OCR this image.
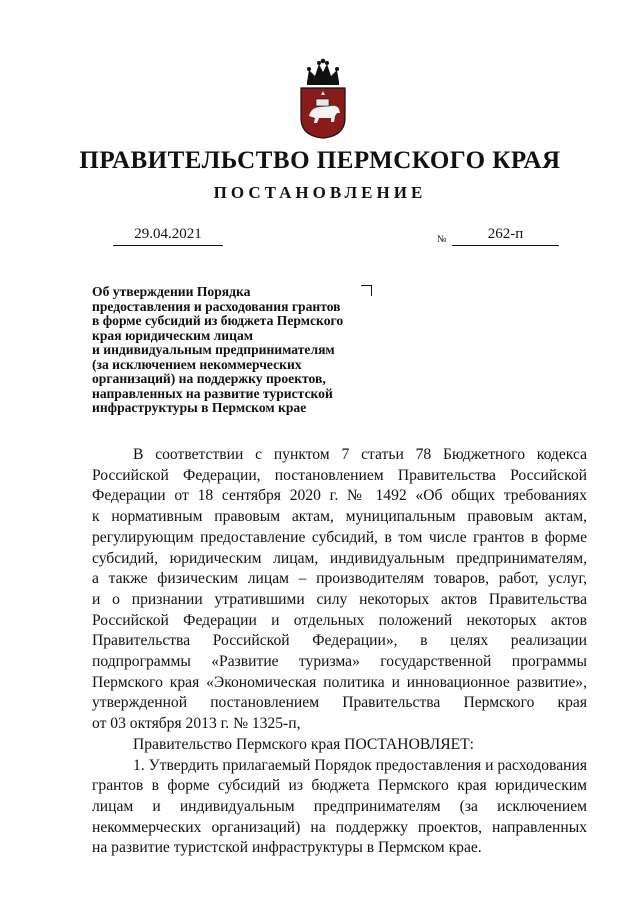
ПРАВИТЕЛЬСТВО ПЕРМСКОГО КРАЯ
ПОСТАНОВЛЕНИЕ
29.04.2021	№	262-п
Об утверждении Порядка
предоставления и расходования грантов
в форме субсидий из бюджета Пермского
края юридическим лицам
и индивидуальным предпринимателям
(за исключением некоммерческих
организаций) на поддержку проектов,
направленных на развитие туристской
инфраструктуры в Пермском крае
В соответствии с пунктом 7 статьи 78 Бюджетного кодекса
Российской Федерации, постановлением Правительства Российской
Федерации от 18 сентября 2020 г. № 1492 «Об общих требованиях
к нормативным правовым актам, муниципальным правовым актам,
регулирующим предоставление субсидий, в том числе грантов в форме
субсидий, юридическим лицам, индивидуальным предпринимателям,
а также физическим лицам – производителям товаров, работ, услуг,
и о признании утратившими силу некоторых актов Правительства
Российской Федерации и отдельных положений некоторых актов
Правительства Российской Федерации», в целях реализации
подпрограммы «Развитие туризма» государственной программы
Пермского края «Экономическая политика и инновационное развитие»,
утвержденной постановлением Правительства Пермского края
от 03 октября 2013 г. № 1325-п,
Правительство Пермского края ПОСТАНОВЛЯЕТ:
1. Утвердить прилагаемый Порядок предоставления и расходования
грантов в форме субсидий из бюджета Пермского края юридическим
лицам и индивидуальным предпринимателям (за исключением
некоммерческих организаций) на поддержку проектов, направленных
на развитие туристской инфраструктуры в Пермском крае.
